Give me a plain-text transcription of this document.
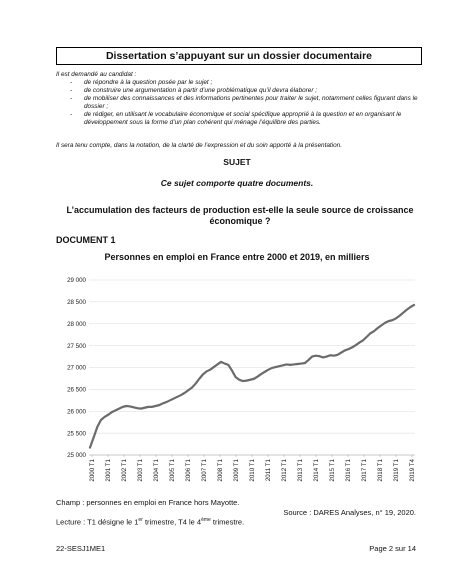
Dissertation s’appuyant sur un dossier documentaire
Il est demandé au candidat :
- de répondre à la question posée par le sujet ;
- de construire une argumentation à partir d’une problématique qu’il devra élaborer ;
- de mobiliser des connaissances et des informations pertinentes pour traiter le sujet, notamment celles figurant dans le dossier ;
- de rédiger, en utilisant le vocabulaire économique et social spécifique approprié à la question et en organisant le développement sous la forme d’un plan cohérent qui ménage l’équilibre des parties.
Il sera tenu compte, dans la notation, de la clarté de l’expression et du soin apporté à la présentation.
SUJET
Ce sujet comporte quatre documents.
L’accumulation des facteurs de production est-elle la seule source de croissance économique ?
DOCUMENT 1
Personnes en emploi en France entre 2000 et 2019, en milliers
25 000
25 500
26 000
26 500
27 000
27 500
28 000
28 500
29 000
2000 T1 2001 T1 2002 T1 2003 T1 2004 T1 2005 T1 2006 T1 2007 T1 2008 T1 2009 T1 2010 T1 2011 T1 2012 T1 2013 T1 2014 T1 2015 T1 2016 T1 2017 T1 2018 T1 2019 T1 2019 T4
Champ : personnes en emploi en France hors Mayotte.
Source : DARES Analyses, n° 19, 2020.
Lecture : T1 désigne le 1er trimestre, T4 le 4ème trimestre.
22-SESJ1ME1	Page 2 sur 14
